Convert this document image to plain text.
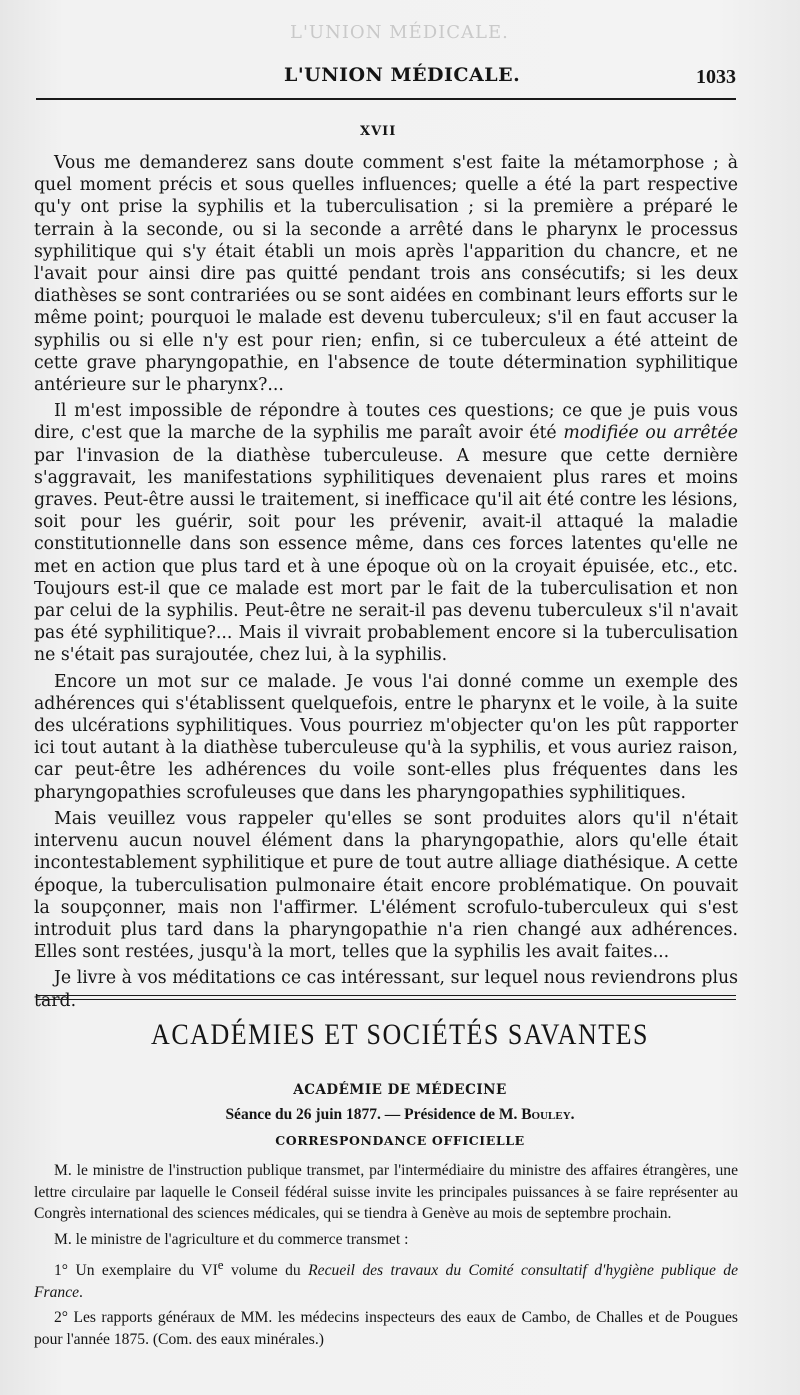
L'UNION MÉDICALE.
L'UNION MÉDICALE.	1033
XVII

Vous me demanderez sans doute comment s'est faite la métamorphose ; à quel moment précis et sous quelles influences; quelle a été la part respective qu'y ont prise la syphilis et la tuberculisation ; si la première a préparé le terrain à la seconde, ou si la seconde a arrêté dans le pharynx le processus syphilitique qui s'y était établi un mois après l'apparition du chancre, et ne l'avait pour ainsi dire pas quitté pendant trois ans consécutifs; si les deux diathèses se sont contrariées ou se sont aidées en combinant leurs efforts sur le même point; pourquoi le malade est devenu tuberculeux; s'il en faut accuser la syphilis ou si elle n'y est pour rien; enfin, si ce tuberculeux a été atteint de cette grave pharyngopathie, en l'absence de toute détermination syphilitique antérieure sur le pharynx?...

Il m'est impossible de répondre à toutes ces questions; ce que je puis vous dire, c'est que la marche de la syphilis me paraît avoir été modifiée ou arrêtée par l'invasion de la diathèse tuberculeuse. A mesure que cette dernière s'aggravait, les manifestations syphilitiques devenaient plus rares et moins graves. Peut-être aussi le traitement, si inefficace qu'il ait été contre les lésions, soit pour les guérir, soit pour les prévenir, avait-il attaqué la maladie constitutionnelle dans son essence même, dans ces forces latentes qu'elle ne met en action que plus tard et à une époque où on la croyait épuisée, etc., etc. Toujours est-il que ce malade est mort par le fait de la tuberculisation et non par celui de la syphilis. Peut-être ne serait-il pas devenu tuberculeux s'il n'avait pas été syphilitique?... Mais il vivrait probablement encore si la tuberculisation ne s'était pas surajoutée, chez lui, à la syphilis.

Encore un mot sur ce malade. Je vous l'ai donné comme un exemple des adhérences qui s'établissent quelquefois, entre le pharynx et le voile, à la suite des ulcérations syphilitiques. Vous pourriez m'objecter qu'on les pût rapporter ici tout autant à la diathèse tuberculeuse qu'à la syphilis, et vous auriez raison, car peut-être les adhérences du voile sont-elles plus fréquentes dans les pharyngopathies scrofuleuses que dans les pharyngopathies syphilitiques.

Mais veuillez vous rappeler qu'elles se sont produites alors qu'il n'était intervenu aucun nouvel élément dans la pharyngopathie, alors qu'elle était incontestablement syphilitique et pure de tout autre alliage diathésique. A cette époque, la tuberculisation pulmonaire était encore problématique. On pouvait la soupçonner, mais non l'affirmer. L'élément scrofulo-tuberculeux qui s'est introduit plus tard dans la pharyngopathie n'a rien changé aux adhérences. Elles sont restées, jusqu'à la mort, telles que la syphilis les avait faites...

Je livre à vos méditations ce cas intéressant, sur lequel nous reviendrons plus tard.

ACADÉMIES ET SOCIÉTÉS SAVANTES
ACADÉMIE DE MÉDECINE
Séance du 26 juin 1877. — Présidence de M. Bouley.
CORRESPONDANCE OFFICIELLE

M. le ministre de l'instruction publique transmet, par l'intermédiaire du ministre des affaires étrangères, une lettre circulaire par laquelle le Conseil fédéral suisse invite les principales puissances à se faire représenter au Congrès international des sciences médicales, qui se tiendra à Genève au mois de septembre prochain.

M. le ministre de l'agriculture et du commerce transmet :

1° Un exemplaire du VIe volume du Recueil des travaux du Comité consultatif d'hygiène publique de France.

2° Les rapports généraux de MM. les médecins inspecteurs des eaux de Cambo, de Challes et de Pougues pour l'année 1875. (Com. des eaux minérales.)
